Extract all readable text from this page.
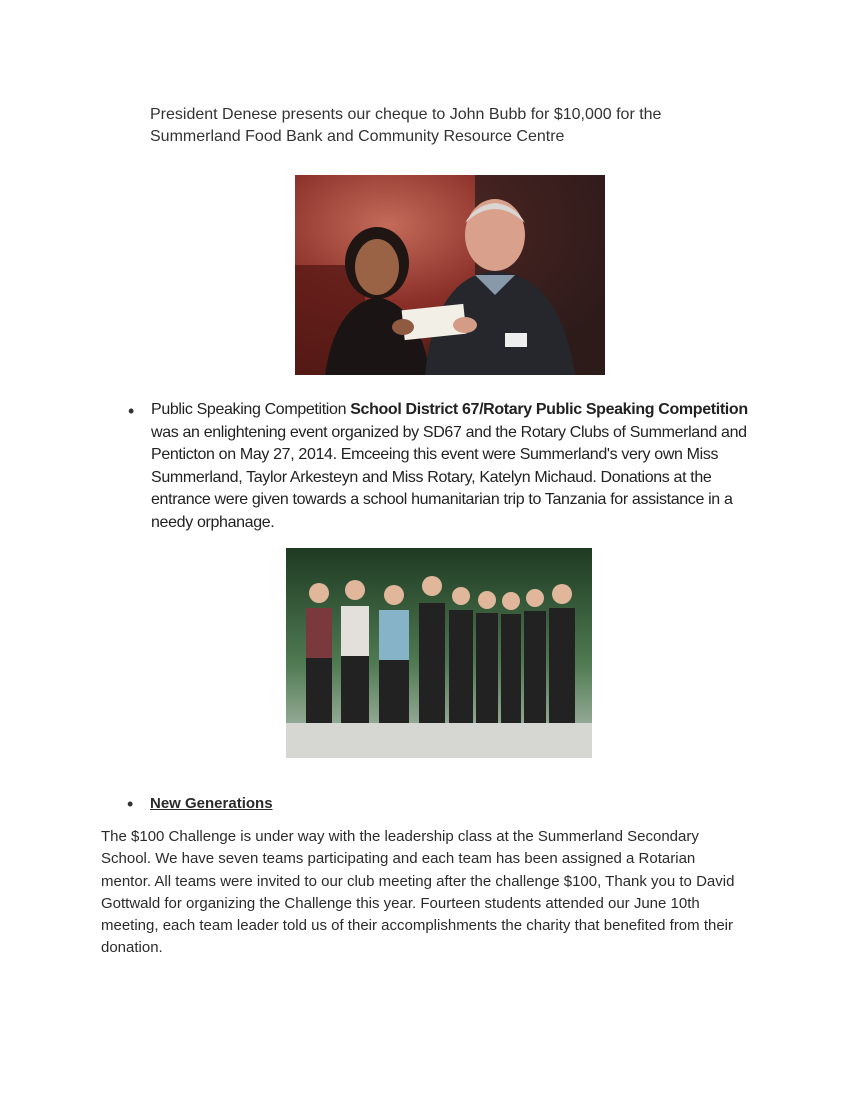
President Denese presents our cheque to John Bubb for $10,000 for the Summerland Food Bank and Community Resource Centre
• Public Speaking Competition School District 67/Rotary Public Speaking Competition was an enlightening event organized by SD67 and the Rotary Clubs of Summerland and Penticton on May 27, 2014. Emceeing this event were Summerland's very own Miss Summerland, Taylor Arkesteyn and Miss Rotary, Katelyn Michaud. Donations at the entrance were given towards a school humanitarian trip to Tanzania for assistance in a needy orphanage.
• New Generations
The $100 Challenge is under way with the leadership class at the Summerland Secondary School. We have seven teams participating and each team has been assigned a Rotarian mentor. All teams were invited to our club meeting after the challenge $100, Thank you to David Gottwald for organizing the Challenge this year. Fourteen students attended our June 10th meeting, each team leader told us of their accomplishments the charity that benefited from their donation.
